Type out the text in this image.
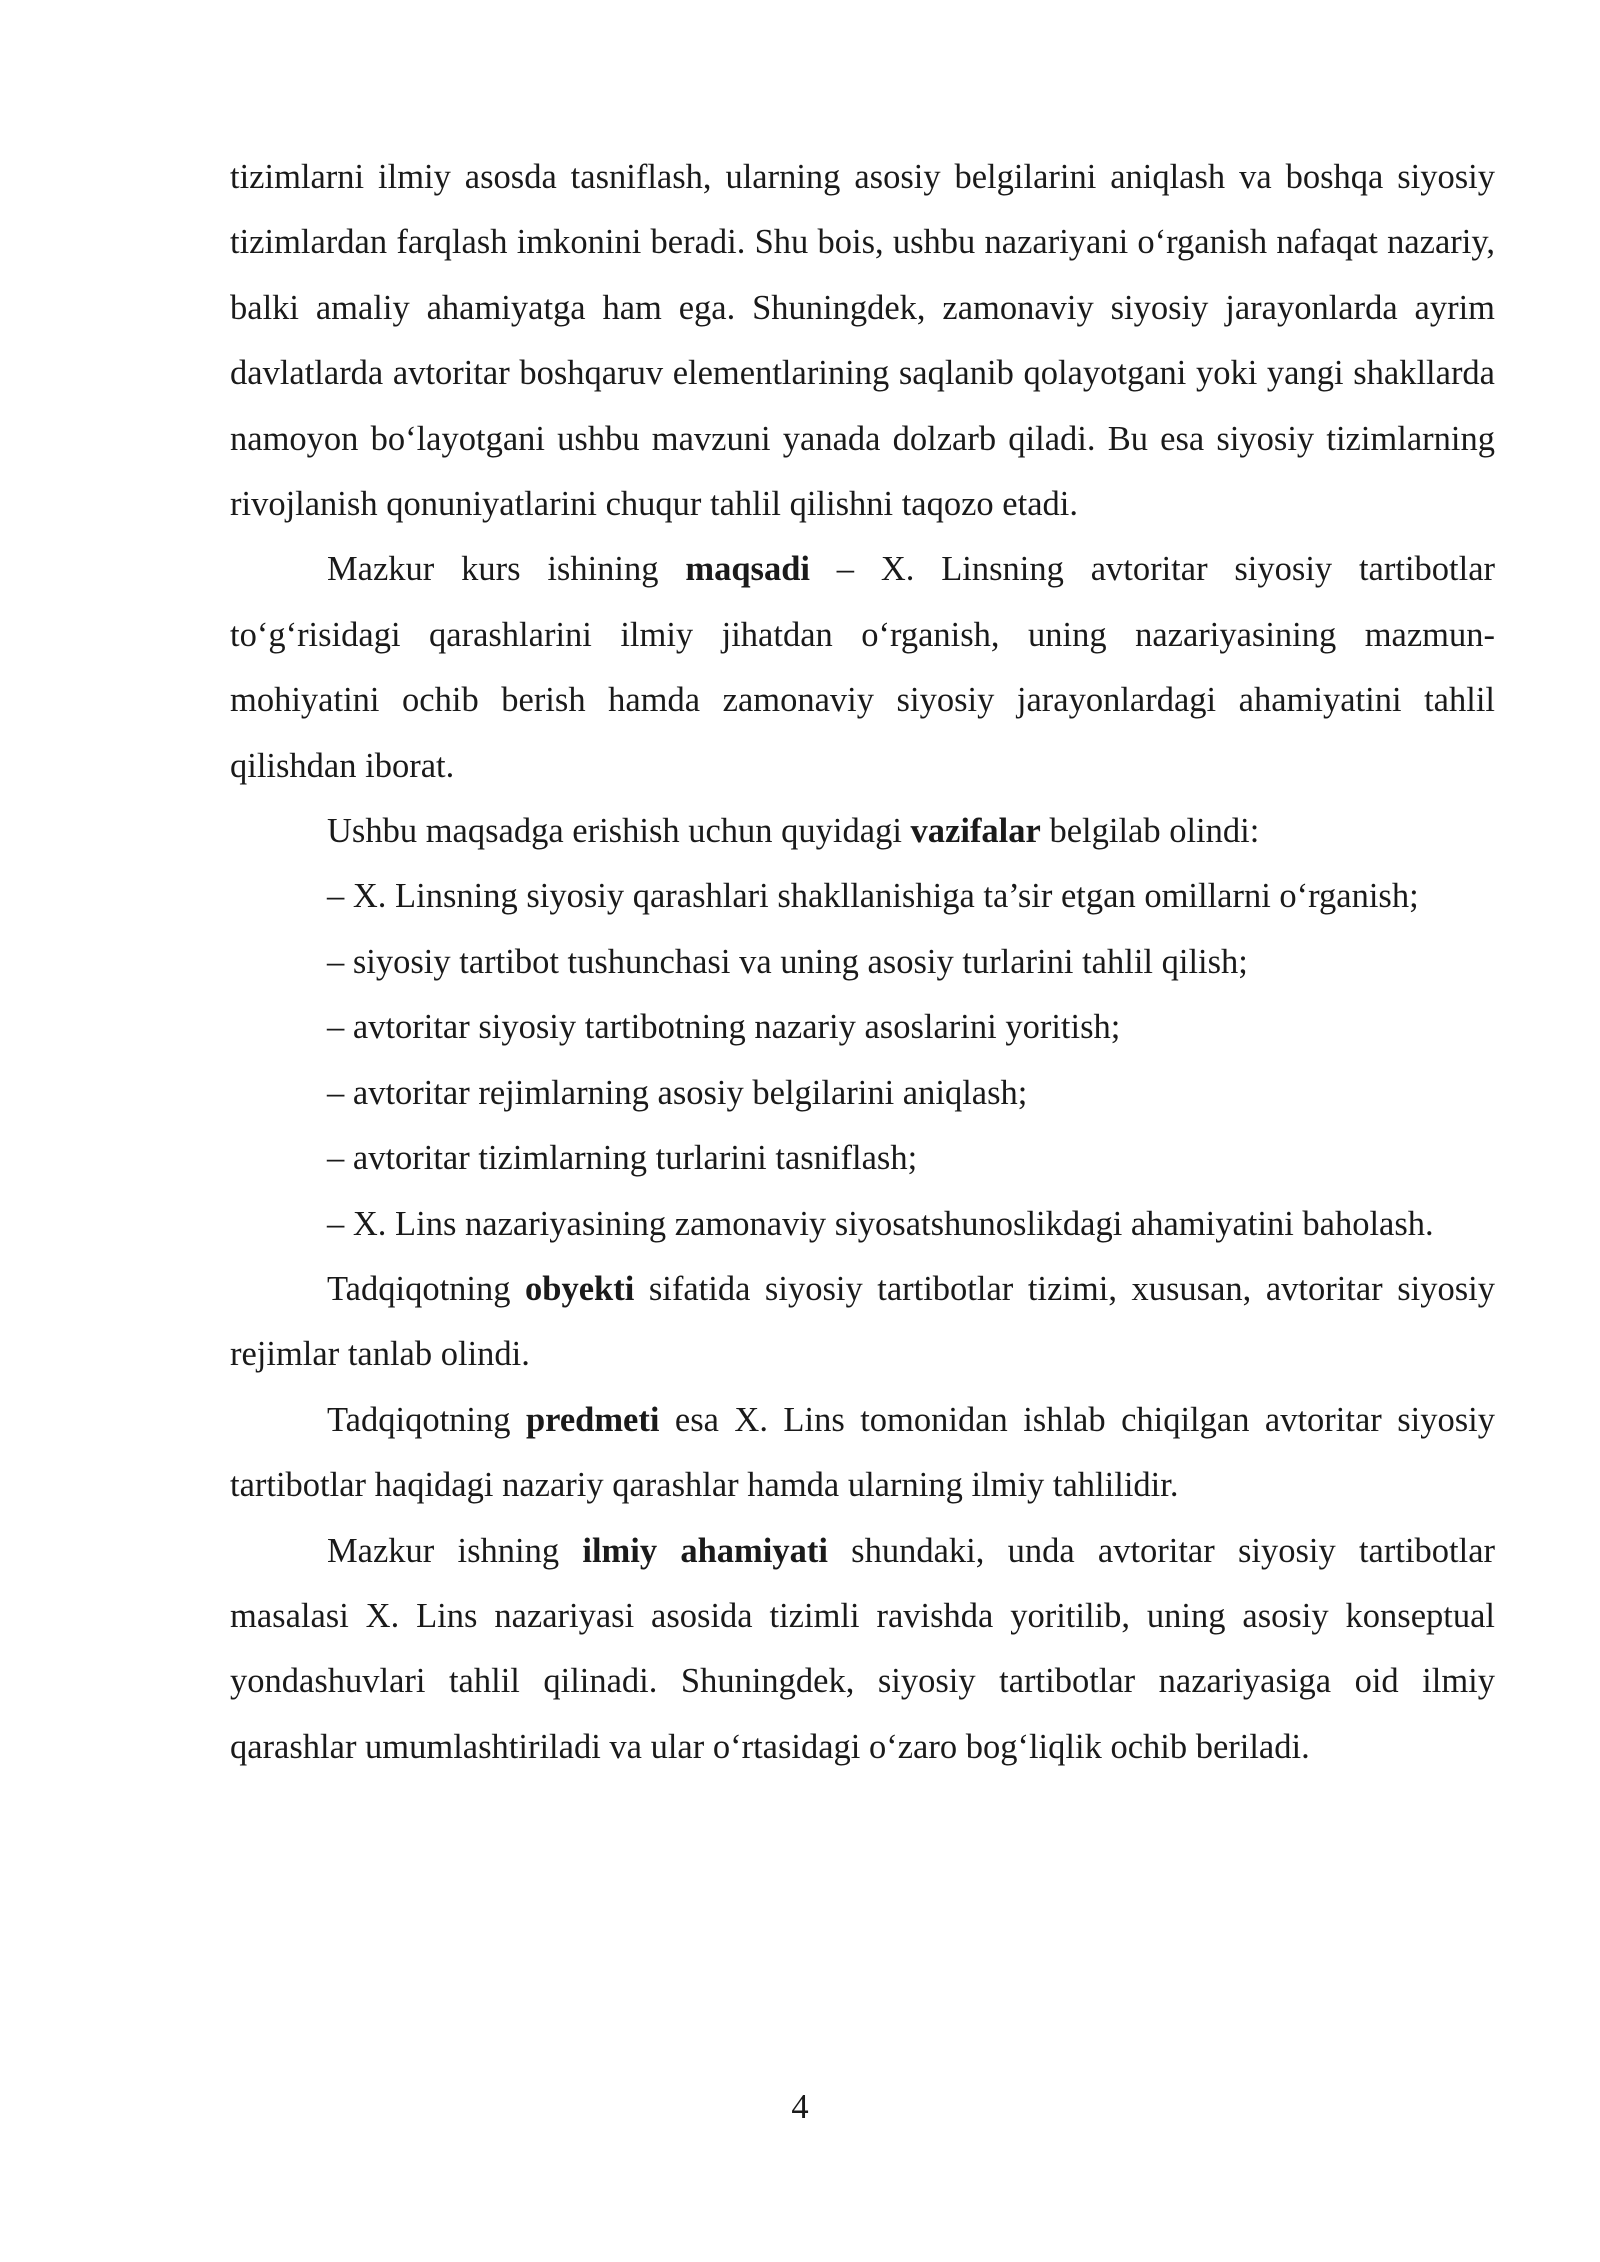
tizimlarni ilmiy asosda tasniflash, ularning asosiy belgilarini aniqlash va boshqa siyosiy tizimlardan farqlash imkonini beradi. Shu bois, ushbu nazariyani o‘rganish nafaqat nazariy, balki amaliy ahamiyatga ham ega. Shuningdek, zamonaviy siyosiy jarayonlarda ayrim davlatlarda avtoritar boshqaruv elementlarining saqlanib qolayotgani yoki yangi shakllarda namoyon bo‘layotgani ushbu mavzuni yanada dolzarb qiladi. Bu esa siyosiy tizimlarning rivojlanish qonuniyatlarini chuqur tahlil qilishni taqozo etadi.

Mazkur kurs ishining maqsadi – X. Linsning avtoritar siyosiy tartibotlar to‘g‘risidagi qarashlarini ilmiy jihatdan o‘rganish, uning nazariyasining mazmun-mohiyatini ochib berish hamda zamonaviy siyosiy jarayonlardagi ahamiyatini tahlil qilishdan iborat.

Ushbu maqsadga erishish uchun quyidagi vazifalar belgilab olindi:

– X. Linsning siyosiy qarashlari shakllanishiga ta’sir etgan omillarni o‘rganish;

– siyosiy tartibot tushunchasi va uning asosiy turlarini tahlil qilish;

– avtoritar siyosiy tartibotning nazariy asoslarini yoritish;

– avtoritar rejimlarning asosiy belgilarini aniqlash;

– avtoritar tizimlarning turlarini tasniflash;

– X. Lins nazariyasining zamonaviy siyosatshunoslikdagi ahamiyatini baholash.

Tadqiqotning obyekti sifatida siyosiy tartibotlar tizimi, xususan, avtoritar siyosiy rejimlar tanlab olindi.

Tadqiqotning predmeti esa X. Lins tomonidan ishlab chiqilgan avtoritar siyosiy tartibotlar haqidagi nazariy qarashlar hamda ularning ilmiy tahlilidir.

Mazkur ishning ilmiy ahamiyati shundaki, unda avtoritar siyosiy tartibotlar masalasi X. Lins nazariyasi asosida tizimli ravishda yoritilib, uning asosiy konseptual yondashuvlari tahlil qilinadi. Shuningdek, siyosiy tartibotlar nazariyasiga oid ilmiy qarashlar umumlashtiriladi va ular o‘rtasidagi o‘zaro bog‘liqlik ochib beriladi.

4
